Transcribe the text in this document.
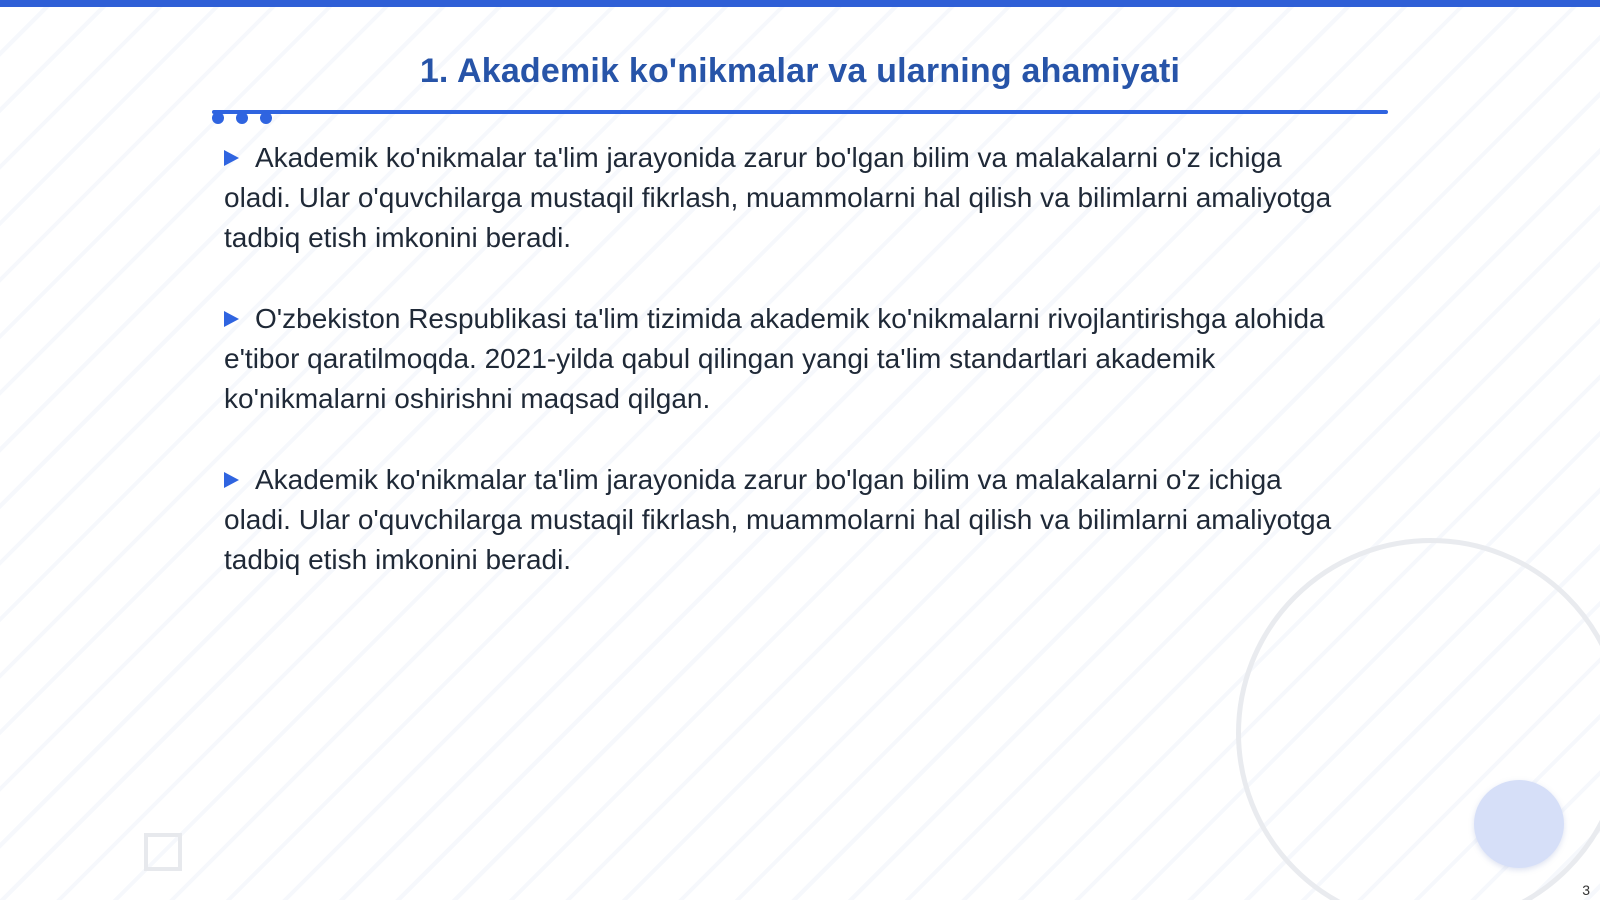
1. Akademik ko'nikmalar va ularning ahamiyati

Akademik ko'nikmalar ta'lim jarayonida zarur bo'lgan bilim va malakalarni o'z ichiga oladi. Ular o'quvchilarga mustaqil fikrlash, muammolarni hal qilish va bilimlarni amaliyotga tadbiq etish imkonini beradi.

O'zbekiston Respublikasi ta'lim tizimida akademik ko'nikmalarni rivojlantirishga alohida e'tibor qaratilmoqda. 2021-yilda qabul qilingan yangi ta'lim standartlari akademik ko'nikmalarni oshirishni maqsad qilgan.

Akademik ko'nikmalar ta'lim jarayonida zarur bo'lgan bilim va malakalarni o'z ichiga oladi. Ular o'quvchilarga mustaqil fikrlash, muammolarni hal qilish va bilimlarni amaliyotga tadbiq etish imkonini beradi.

3
